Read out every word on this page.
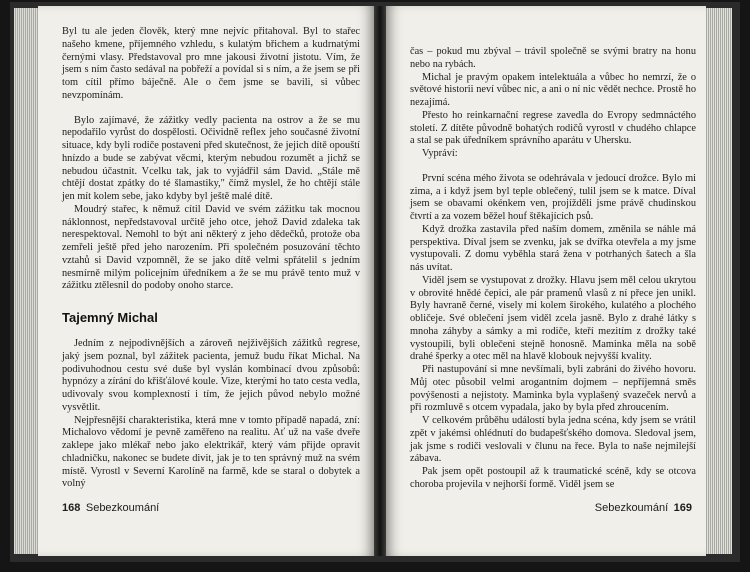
Byl tu ale jeden člověk, který mne nejvíc přitahoval. Byl to stařec našeho kmene, příjemného vzhledu, s kulatým břichem a kudrnatými černými vlasy. Představoval pro mne jakousi životní jistotu. Vím, že jsem s ním často sedával na pobřeží a povídal si s ním, a že jsem se při tom cítil přímo báječně. Ale o čem jsme se bavili, si vůbec nevzpomínám.

Bylo zajímavé, že zážitky vedly pacienta na ostrov a že se mu nepodařilo vyrůst do dospělosti. Očividně reflex jeho současné životní situace, kdy byli rodiče postaveni před skutečnost, že jejich dítě opouští hnízdo a bude se zabývat věcmi, kterým nebudou rozumět a jichž se nebudou účastnit. Vcelku tak, jak to vyjádřil sám David. „Stále mě chtějí dostat zpátky do té šlamastiky," čímž myslel, že ho chtějí stále jen mít kolem sebe, jako kdyby byl ještě malé dítě.

Moudrý stařec, k němuž cítil David ve svém zážitku tak mocnou náklonnost, nepředstavoval určitě jeho otce, jehož David zdaleka tak nerespektoval. Nemohl to být ani některý z jeho dědečků, protože oba zemřeli ještě před jeho narozením. Při společném posuzování těchto vztahů si David vzpomněl, že se jako dítě velmi spřátelil s jedním nesmírně milým policejním úředníkem a že se mu právě tento muž v zážitku ztělesnil do podoby onoho starce.

Tajemný Michal

Jedním z nejpodivnějších a zároveň nejživějších zážitků regrese, jaký jsem poznal, byl zážitek pacienta, jemuž budu říkat Michal. Na podivuhodnou cestu své duše byl vyslán kombinací dvou způsobů: hypnózy a zírání do křišťálové koule. Vize, kterými ho tato cesta vedla, udivovaly svou komplexností i tím, že jejich původ nebylo možné vysvětlit.

Nejpřesnější charakteristika, která mne v tomto případě napadá, zní: Michalovo vědomí je pevně zaměřeno na realitu. Ať už na vaše dveře zaklepe jako mlékař nebo jako elektrikář, který vám přijde opravit chladničku, nakonec se budete divit, jak je to ten správný muž na svém místě. Vyrostl v Severní Karolíně na farmě, kde se staral o dobytek a volný

168 Sebezkoumání

čas – pokud mu zbýval – trávil společně se svými bratry na honu nebo na rybách.

Michal je pravým opakem intelektuála a vůbec ho nemrzí, že o světové historii neví vůbec nic, a ani o ní nic vědět nechce. Prostě ho nezajímá.

Přesto ho reinkarnační regrese zavedla do Evropy sedmnáctého století. Z dítěte původně bohatých rodičů vyrostl v chudého chlapce a stal se pak úředníkem správního aparátu v Uhersku.

Vypráví:

První scéna mého života se odehrávala v jedoucí drožce. Bylo mi zima, a i když jsem byl teple oblečený, tulil jsem se k matce. Díval jsem se obavami okénkem ven, projížděli jsme právě chudinskou čtvrtí a za vozem běžel houf štěkajících psů.

Když drožka zastavila před naším domem, změnila se náhle má perspektiva. Díval jsem se zvenku, jak se dvířka otevřela a my jsme vystupovali. Z domu vyběhla stará žena v potrhaných šatech a šla nás uvítat.

Viděl jsem se vystupovat z drožky. Hlavu jsem měl celou ukrytou v obrovité hnědé čepici, ale pár pramenů vlasů z ní přece jen unikl. Byly havraně černé, visely mi kolem širokého, kulatého a plochého obličeje. Své oblečení jsem viděl zcela jasně. Bylo z drahé látky s mnoha záhyby a sámky a mi rodiče, kteří mezitím z drožky také vystoupili, byli oblečeni stejně honosně. Maminka měla na sobě drahé šperky a otec měl na hlavě klobouk nejvyšší kvality.

Při nastupování si mne nevšímali, byli zabráni do živého hovoru. Můj otec působil velmi arogantním dojmem – nepříjemná směs povýšenosti a nejistoty. Maminka byla vyplašený svazeček nervů a při rozmluvě s otcem vypadala, jako by byla před zhroucením.

V celkovém průběhu událostí byla jedna scéna, kdy jsem se vrátil zpět v jakémsi ohlédnutí do budapešťského domova. Sledoval jsem, jak jsme s rodiči veslovali v člunu na řece. Byla to naše nejmilejší zábava.

Pak jsem opět postoupil až k traumatické scéně, kdy se otcova choroba projevila v nejhorší formě. Viděl jsem se

Sebezkoumání 169
